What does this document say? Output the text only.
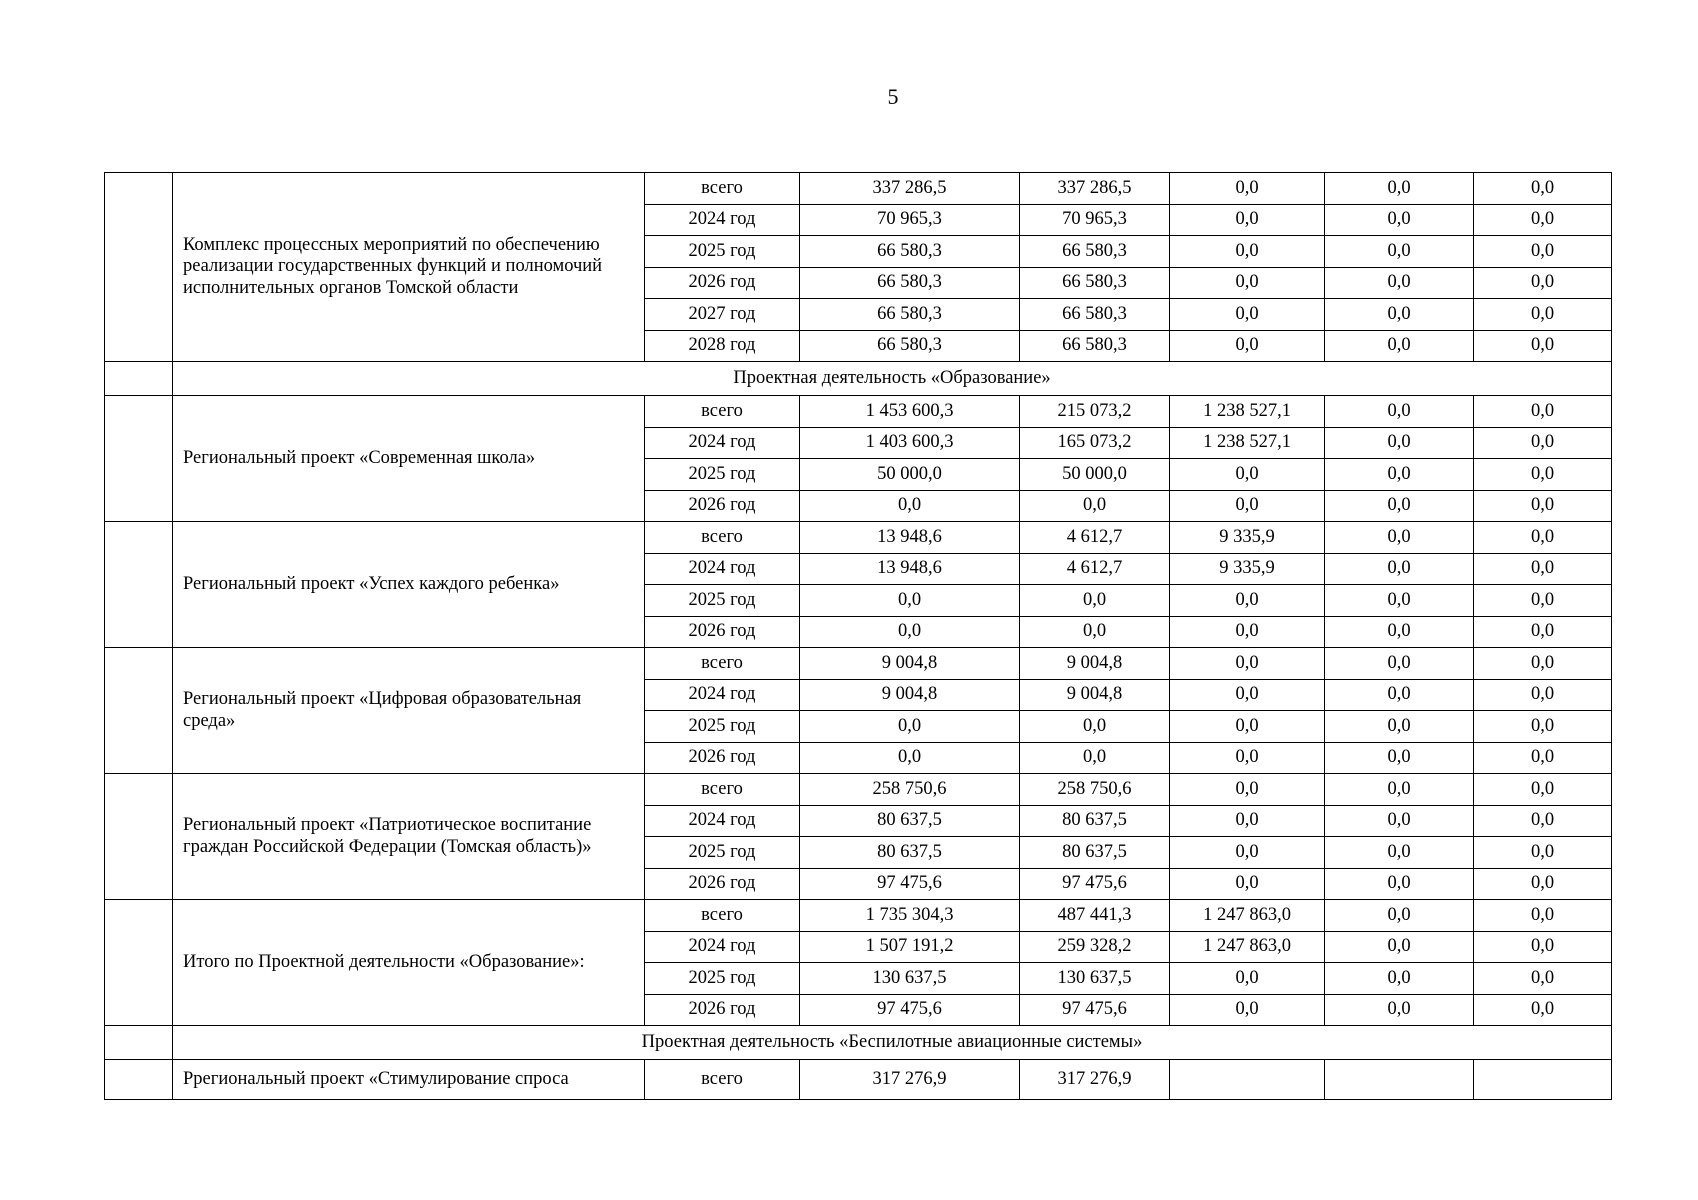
5
	Комплекс процессных мероприятий по обеспечению реализации государственных функций и полномочий исполнительных органов Томской области	всего	337 286,5	337 286,5	0,0	0,0	0,0
		2024 год	70 965,3	70 965,3	0,0	0,0	0,0
		2025 год	66 580,3	66 580,3	0,0	0,0	0,0
		2026 год	66 580,3	66 580,3	0,0	0,0	0,0
		2027 год	66 580,3	66 580,3	0,0	0,0	0,0
		2028 год	66 580,3	66 580,3	0,0	0,0	0,0
	Проектная деятельность «Образование»						
	Региональный проект «Современная школа»	всего	1 453 600,3	215 073,2	1 238 527,1	0,0	0,0
		2024 год	1 403 600,3	165 073,2	1 238 527,1	0,0	0,0
		2025 год	50 000,0	50 000,0	0,0	0,0	0,0
		2026 год	0,0	0,0	0,0	0,0	0,0
	Региональный проект «Успех каждого ребенка»	всего	13 948,6	4 612,7	9 335,9	0,0	0,0
		2024 год	13 948,6	4 612,7	9 335,9	0,0	0,0
		2025 год	0,0	0,0	0,0	0,0	0,0
		2026 год	0,0	0,0	0,0	0,0	0,0
	Региональный проект «Цифровая образовательная среда»	всего	9 004,8	9 004,8	0,0	0,0	0,0
		2024 год	9 004,8	9 004,8	0,0	0,0	0,0
		2025 год	0,0	0,0	0,0	0,0	0,0
		2026 год	0,0	0,0	0,0	0,0	0,0
	Региональный проект «Патриотическое воспитание граждан Российской Федерации (Томская область)»	всего	258 750,6	258 750,6	0,0	0,0	0,0
		2024 год	80 637,5	80 637,5	0,0	0,0	0,0
		2025 год	80 637,5	80 637,5	0,0	0,0	0,0
		2026 год	97 475,6	97 475,6	0,0	0,0	0,0
	Итого по Проектной деятельности «Образование»:	всего	1 735 304,3	487 441,3	1 247 863,0	0,0	0,0
		2024 год	1 507 191,2	259 328,2	1 247 863,0	0,0	0,0
		2025 год	130 637,5	130 637,5	0,0	0,0	0,0
		2026 год	97 475,6	97 475,6	0,0	0,0	0,0
	Проектная деятельность «Беспилотные авиационные системы»						
	Ррегиональный проект «Стимулирование спроса	всего	317 276,9	317 276,9			
